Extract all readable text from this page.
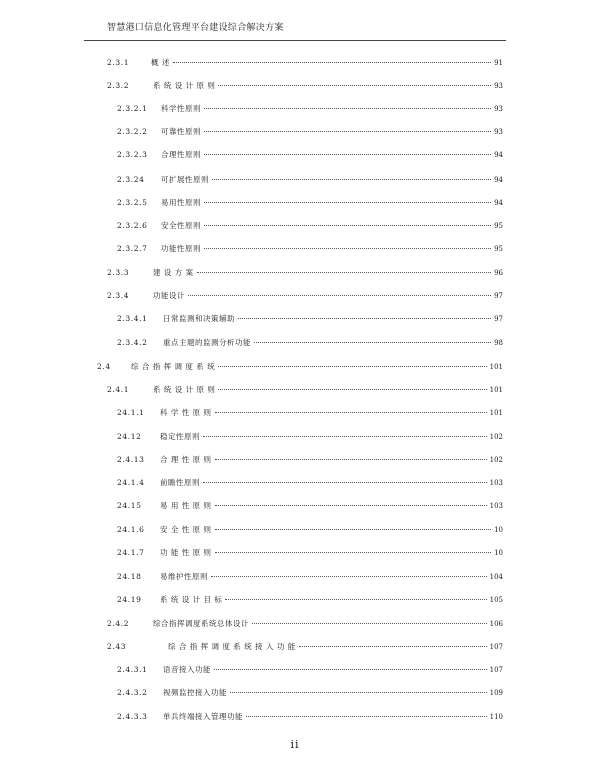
智慧港口信息化管理平台建设综合解决方案
2.3.1	概 述	91
2.3.2	系 统 设 计 原 则	93
2.3.2.1	科学性原则	93
2.3.2.2	可靠性原则	93
2.3.2.3	合理性原则	94
2.3.24	可扩展性原则	94
2.3.2.5	易用性原则	94
2.3.2.6	安全性原则	95
2.3.2.7	功能性原则	95
2.3.3	建 设 方 案	96
2.3.4	功能设计	97
2.3.4.1	日常监测和决策辅助	97
2.3.4.2	重点主题的监测分析功能	98
2.4	综 合 指 挥 调 度 系 统	101
2.4.1	系 统 设 计 原 则	101
24.1.1	科 学 性 原 则	101
24.12	稳定性原则	102
2.4.13	合 理 性 原 则	102
24.1.4	前瞻性原则	103
24.15	易 用 性 原 则	103
24.1.6	安 全 性 原 则	10
24.1.7	功 能 性 原 则	10
24.18	易维护性原则	104
24.19	系 统 设 计 目 标	105
2.4.2	综合指挥调度系统总体设计	106
2.43	综 合 指 挥 调 度 系 统 接 入 功 能	107
2.4.3.1	语音接入功能	107
2.4.3.2	视频监控接入功能	109
2.4.3.3	单兵终端接入管理功能	110
ii
